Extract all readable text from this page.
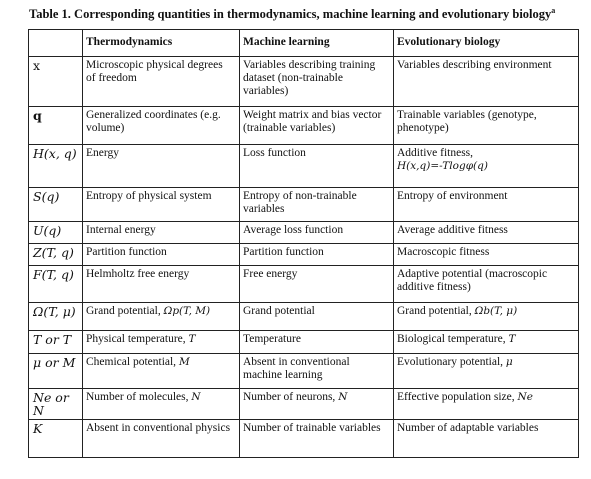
Table 1. Corresponding quantities in thermodynamics, machine learning and evolutionary biology$^a$
	Thermodynamics	Machine learning	Evolutionary biology
x	Microscopic physical degrees of freedom	Variables describing training dataset (non-trainable variables)	Variables describing environment
q	Generalized coordinates (e.g. volume)	Weight matrix and bias vector (trainable variables)	Trainable variables (genotype, phenotype)
H(x, q)	Energy	Loss function	Additive fitness,
H(x,q)=-Tlogφ(q)
S(q)	Entropy of physical system	Entropy of non-trainable variables	Entropy of environment
U(q)	Internal energy	Average loss function	Average additive fitness
Z(T, q)	Partition function	Partition function	Macroscopic fitness
F(T, q)	Helmholtz free energy	Free energy	Adaptive potential (macroscopic additive fitness)
Ω(T, μ)	Grand potential, Ωp(T, M)	Grand potential	Grand potential, Ωb(T, μ)
T or T	Physical temperature, T	Temperature	Biological temperature, T
μ or M	Chemical potential, M	Absent in conventional machine learning	Evolutionary potential, μ
Ne or N	Number of molecules, N	Number of neurons, N	Effective population size, Ne
K	Absent in conventional physics	Number of trainable variables	Number of adaptable variables
